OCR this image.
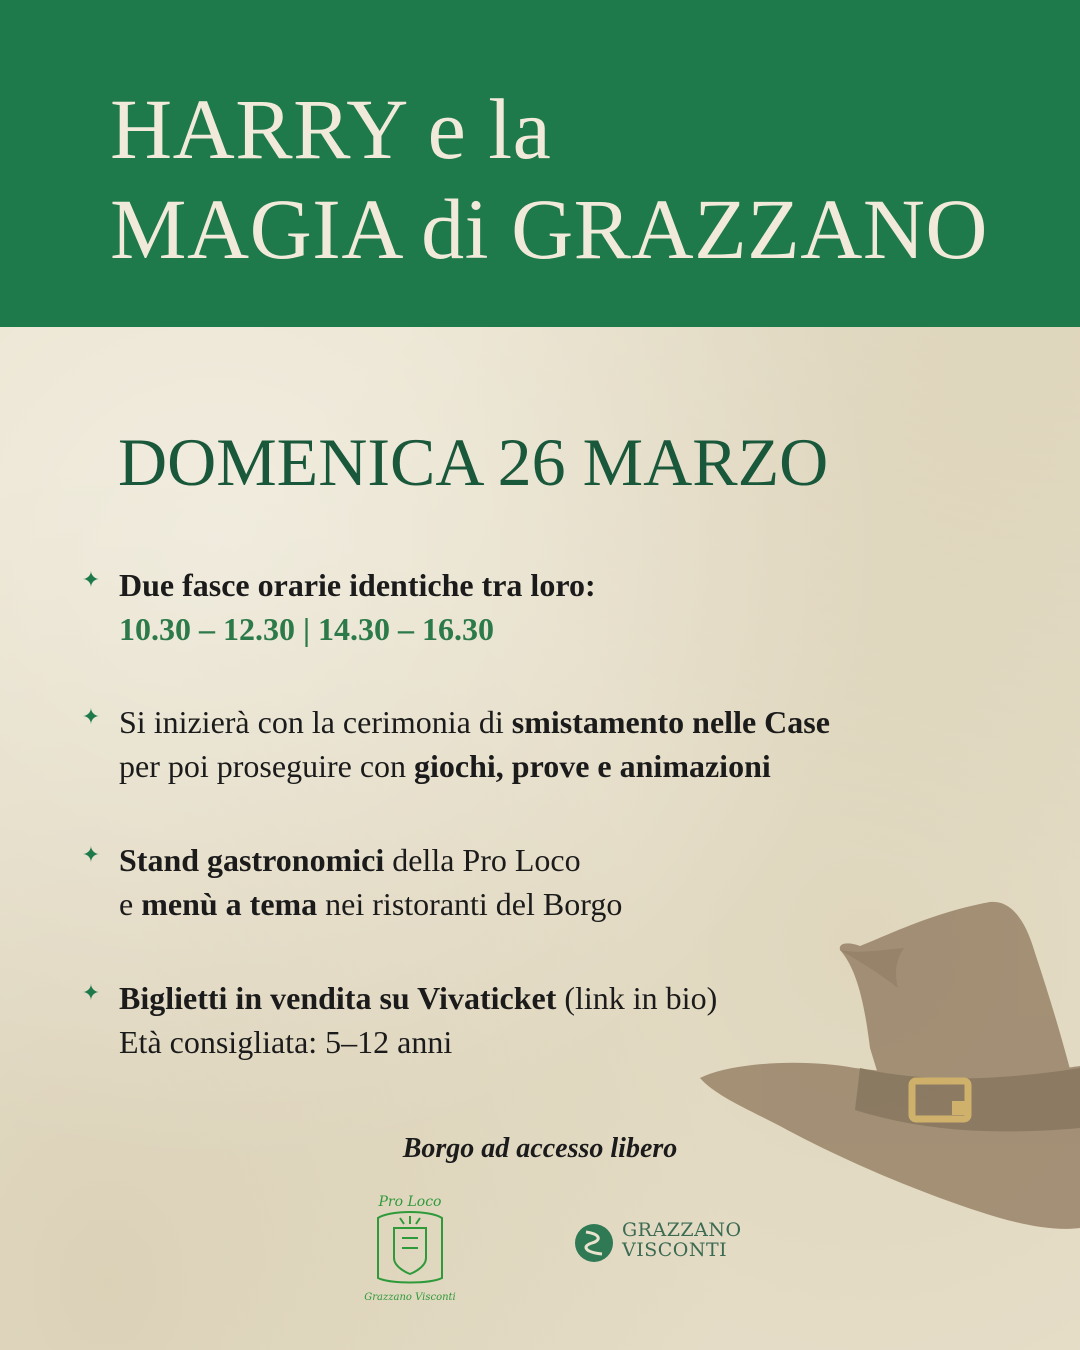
HARRY e la
MAGIA di GRAZZANO
DOMENICA 26 MARZO
✦ Due fasce orarie identiche tra loro:
10.30 – 12.30 | 14.30 – 16.30
✦ Si inizierà con la cerimonia di smistamento nelle Case
per poi proseguire con giochi, prove e animazioni
✦ Stand gastronomici della Pro Loco
e menù a tema nei ristoranti del Borgo
✦ Biglietti in vendita su Vivaticket (link in bio)
Età consigliata: 5–12 anni
Borgo ad accesso libero
Pro Loco
Grazzano Visconti
GRAZZANO
VISCONTI
